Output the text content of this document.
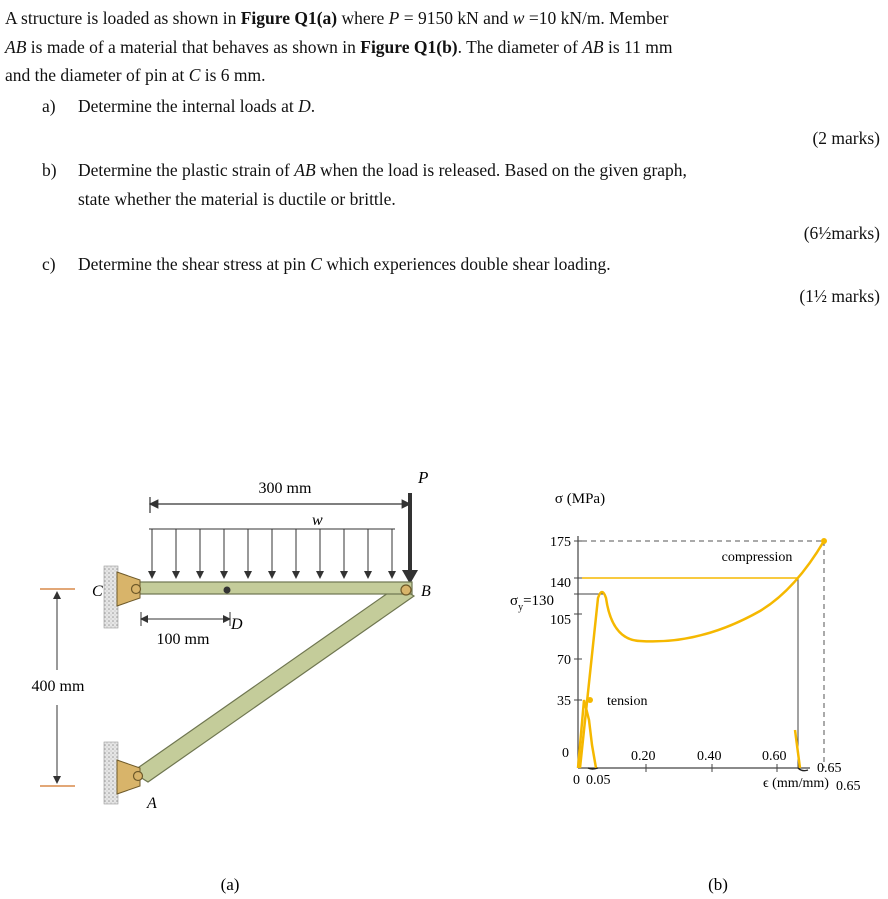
A structure is loaded as shown in Figure Q1(a) where P = 9150 kN and w =10 kN/m. Member
AB is made of a material that behaves as shown in Figure Q1(b). The diameter of AB is 11 mm
and the diameter of pin at C is 6 mm.
a) Determine the internal loads at D.
(2 marks)
b) Determine the plastic strain of AB when the load is released. Based on the given graph,
state whether the material is ductile or brittle.
(6½marks)
c) Determine the shear stress at pin C which experiences double shear loading.
(1½ marks)
300 mm
P
w
100 mm
C	B
D
A
400 mm
(a)
σ (MPa)
175
140
105
70
35
0
$\sigma_y=130$
0
0.20	0.40	0.60
0.05
0.65
0.65
ϵ (mm/mm)
tension
compression
(b)
